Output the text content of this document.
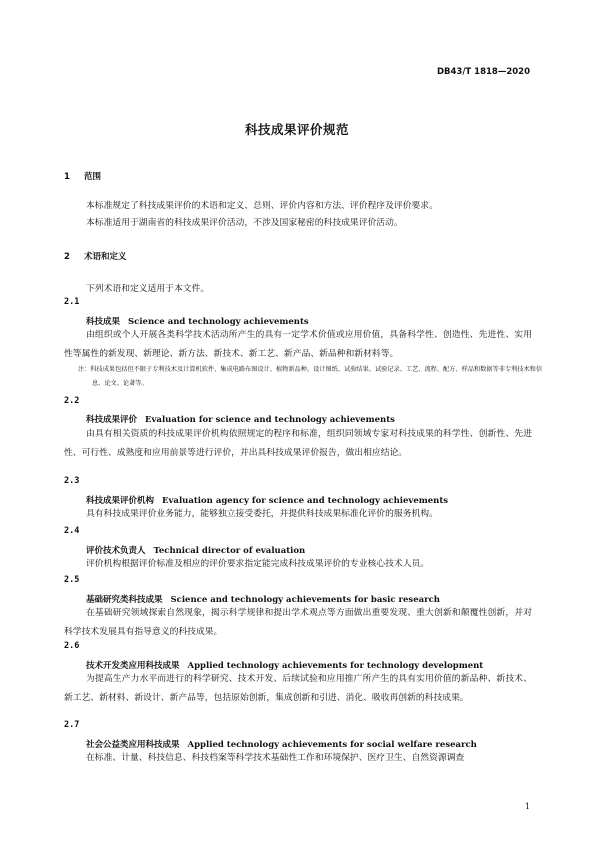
DB43/T 1818—2020
科技成果评价规范
1 范围
本标准规定了科技成果评价的术语和定义、总则、评价内容和方法、评价程序及评价要求。
本标准适用于湖南省的科技成果评价活动，不涉及国家秘密的科技成果评价活动。
2 术语和定义
下列术语和定义适用于本文件。
2.1
科技成果 Science and technology achievements
由组织或个人开展各类科学技术活动所产生的具有一定学术价值或应用价值，具备科学性、创造性、先进性、实用性等属性的新发现、新理论、新方法、新技术、新工艺、新产品、新品种和新材料等。
注：科技成果包括但不限于专利技术及计算机软件、集成电路布图设计、植物新品种、设计图纸、试验结果、试验记录、工艺、流程、配方、样品和数据等非专利技术和信息、论文、论著等。
2.2
科技成果评价 Evaluation for science and technology achievements
由具有相关资质的科技成果评价机构依照规定的程序和标准，组织同领域专家对科技成果的科学性、创新性、先进性、可行性、成熟度和应用前景等进行评价，并出具科技成果评价报告，做出相应结论。
2.3
科技成果评价机构 Evaluation agency for science and technology achievements
具有科技成果评价业务能力，能够独立接受委托，并提供科技成果标准化评价的服务机构。
2.4
评价技术负责人 Technical director of evaluation
评价机构根据评价标准及相应的评价要求指定能完成科技成果评价的专业核心技术人员。
2.5
基础研究类科技成果 Science and technology achievements for basic research
在基础研究领域探索自然现象，揭示科学规律和提出学术观点等方面做出重要发现、重大创新和颠覆性创新，并对科学技术发展具有指导意义的科技成果。
2.6
技术开发类应用科技成果 Applied technology achievements for technology development
为提高生产力水平而进行的科学研究、技术开发、后续试验和应用推广所产生的具有实用价值的新品种、新技术、新工艺、新材料、新设计、新产品等，包括原始创新，集成创新和引进、消化、吸收再创新的科技成果。
2.7
社会公益类应用科技成果 Applied technology achievements for social welfare research
在标准、计量、科技信息、科技档案等科学技术基础性工作和环境保护、医疗卫生、自然资源调查
1
